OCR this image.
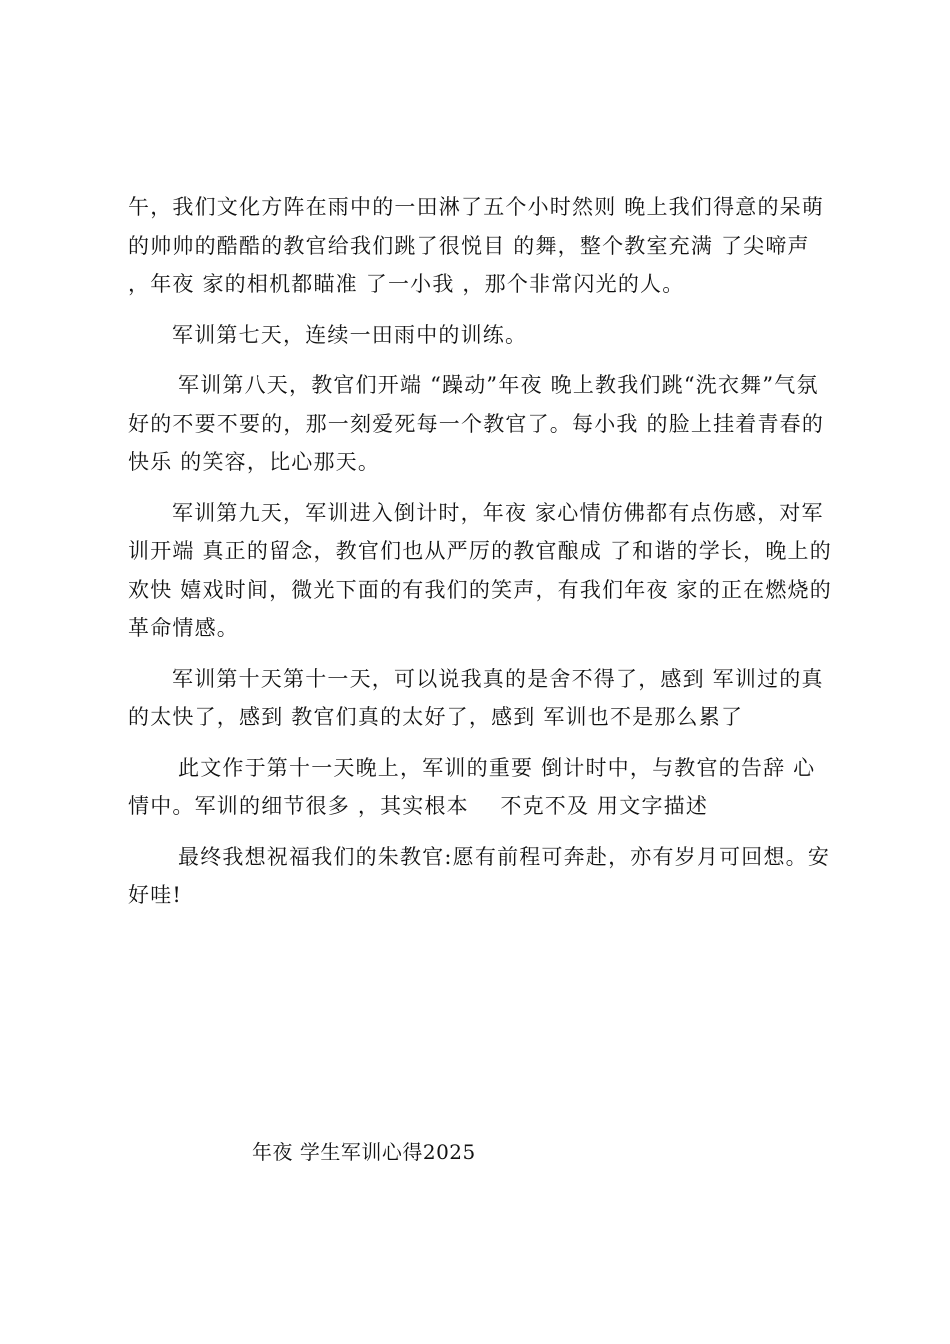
午，我们文化方阵在雨中的一田淋了五个小时然则 晚上我们得意的呆萌的帅帅的酷酷的教官给我们跳了很悦目 的舞，整个教室充满 了尖啼声 ，年夜 家的相机都瞄准 了一小我 ，那个非常闪光的人。

军训第七天，连续一田雨中的训练。

军训第八天，教官们开端 “躁动”年夜 晚上教我们跳“洗衣舞”气氛好的不要不要的，那一刻爱死每一个教官了。每小我 的脸上挂着青春的快乐 的笑容，比心那天。

军训第九天，军训进入倒计时，年夜 家心情仿佛都有点伤感，对军训开端 真正的留念，教官们也从严厉的教官酿成 了和谐的学长，晚上的欢快 嬉戏时间，微光下面的有我们的笑声，有我们年夜 家的正在燃烧的革命情感。

军训第十天第十一天，可以说我真的是舍不得了，感到 军训过的真的太快了，感到 教官们真的太好了，感到 军训也不是那么累了

此文作于第十一天晚上，军训的重要 倒计时中，与教官的告辞 心情中。军训的细节很多 ，其实根本    不克不及 用文字描述

最终我想祝福我们的朱教官:愿有前程可奔赴，亦有岁月可回想。安好哇!

年夜 学生军训心得2025
